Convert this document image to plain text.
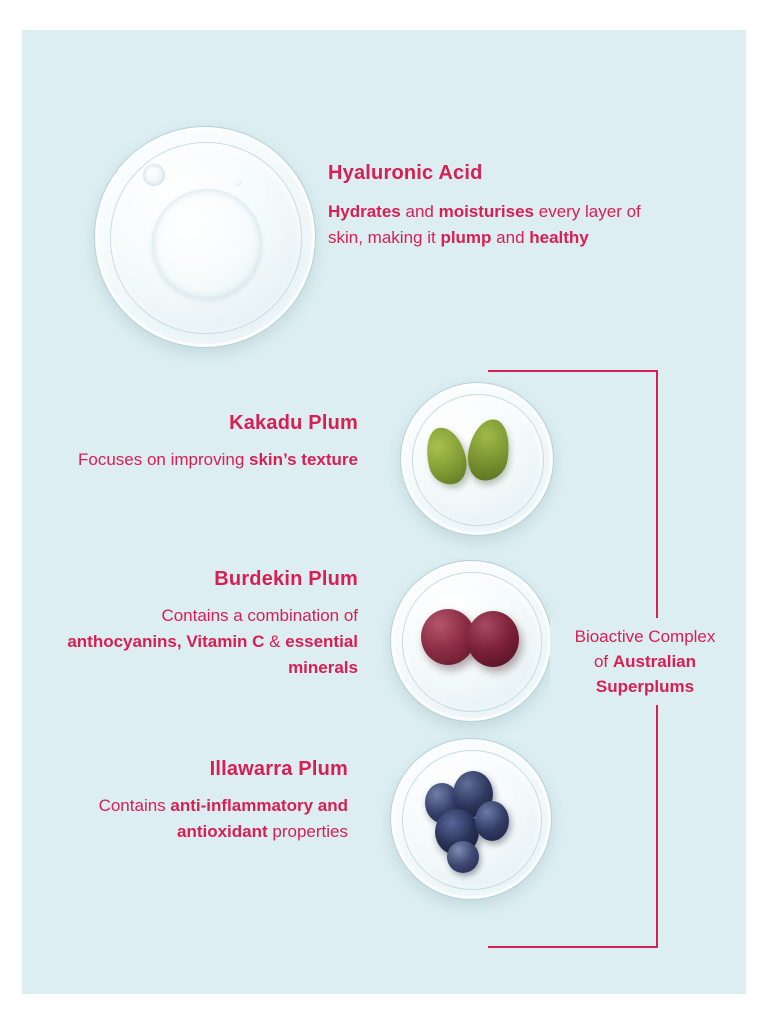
Hyaluronic Acid
Hydrates and moisturises every layer of skin, making it plump and healthy
Kakadu Plum
Focuses on improving skin’s texture
Burdekin Plum
Contains a combination of anthocyanins, Vitamin C & essential minerals
Illawarra Plum
Contains anti-inflammatory and antioxidant properties
Bioactive Complex
of Australian
Superplums
